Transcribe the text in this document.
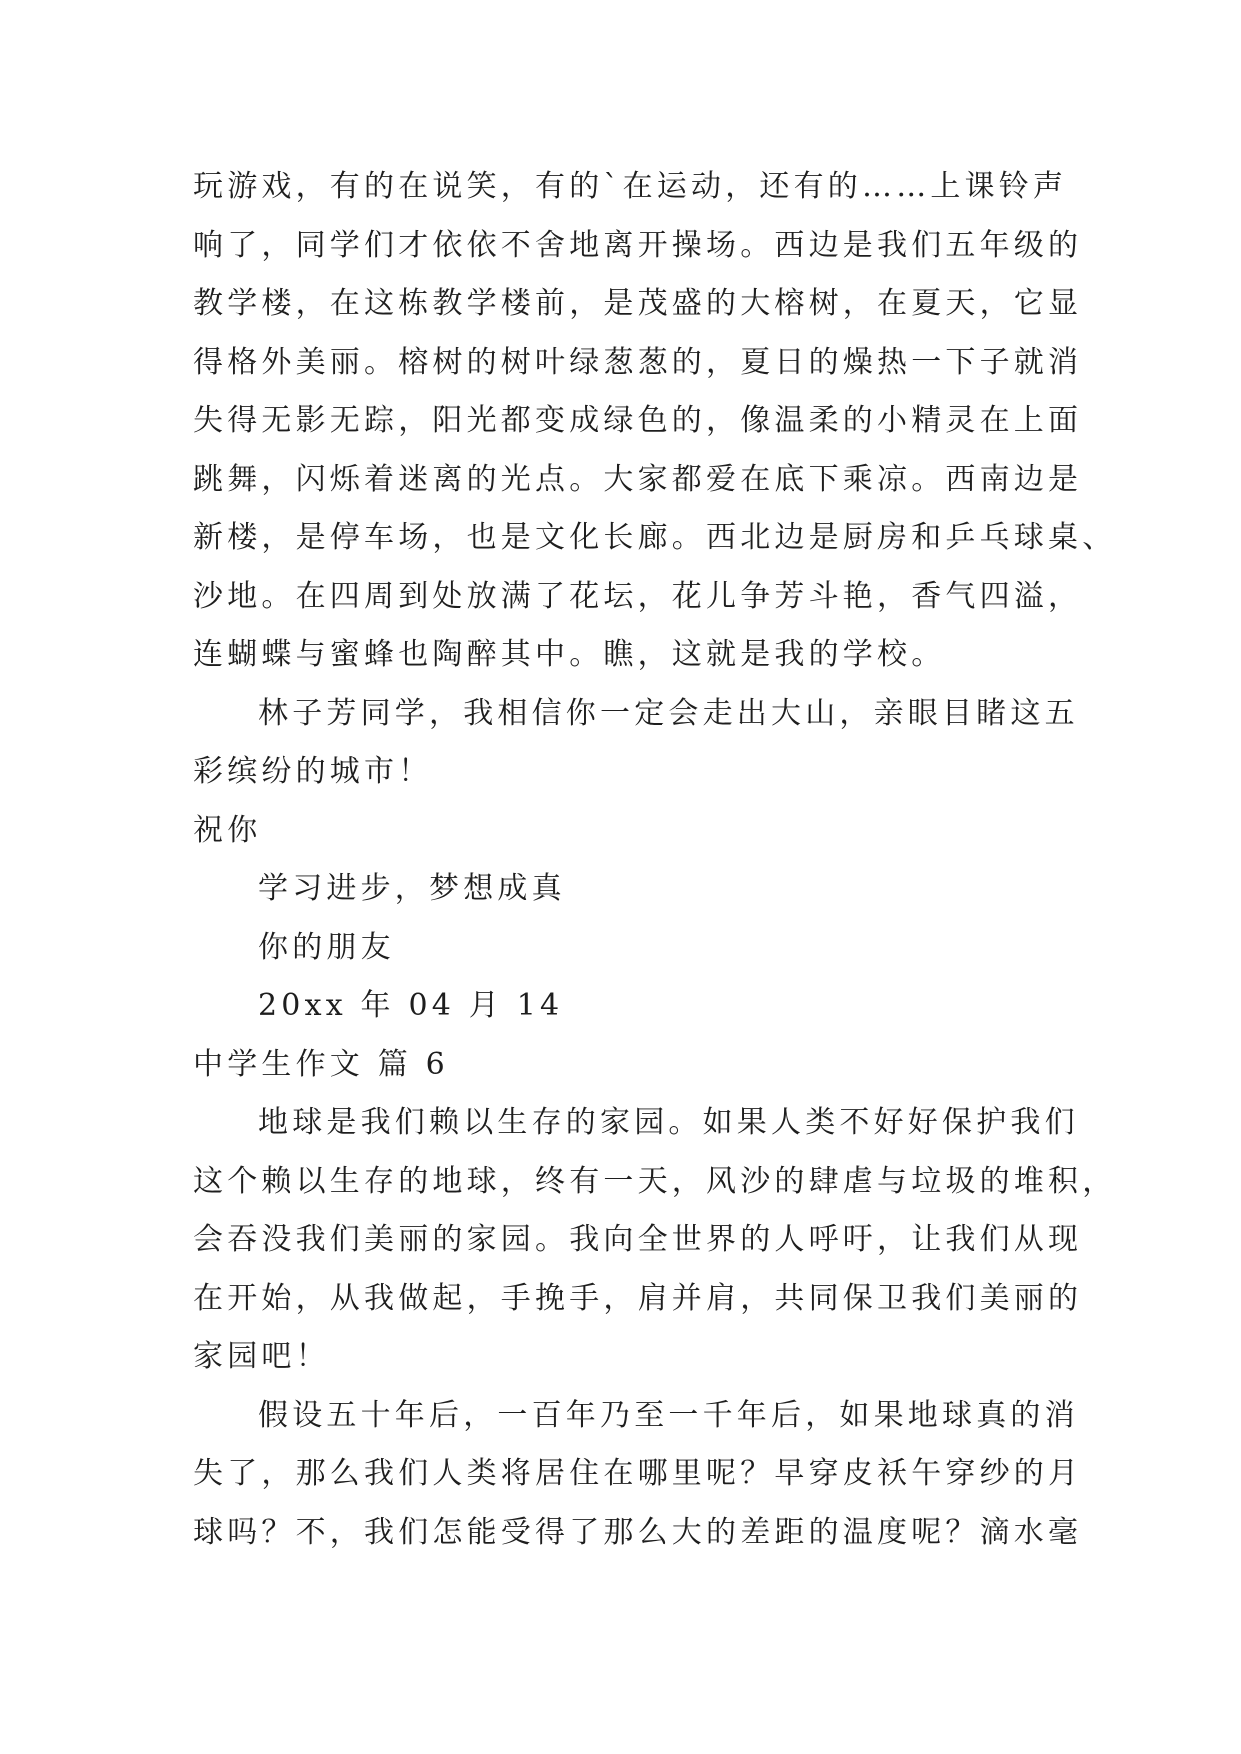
玩游戏，有的在说笑，有的`在运动，还有的……上课铃声
响了，同学们才依依不舍地离开操场。西边是我们五年级的
教学楼，在这栋教学楼前，是茂盛的大榕树，在夏天，它显
得格外美丽。榕树的树叶绿葱葱的，夏日的燥热一下子就消
失得无影无踪，阳光都变成绿色的，像温柔的小精灵在上面
跳舞，闪烁着迷离的光点。大家都爱在底下乘凉。西南边是
新楼，是停车场，也是文化长廊。西北边是厨房和乒乓球桌、
沙地。在四周到处放满了花坛，花儿争芳斗艳，香气四溢，
连蝴蝶与蜜蜂也陶醉其中。瞧，这就是我的学校。
林子芳同学，我相信你一定会走出大山，亲眼目睹这五
彩缤纷的城市！
祝你
学习进步，梦想成真
你的朋友
20xx 年 04 月 14
中学生作文 篇 6
地球是我们赖以生存的家园。如果人类不好好保护我们
这个赖以生存的地球，终有一天，风沙的肆虐与垃圾的堆积，
会吞没我们美丽的家园。我向全世界的人呼吁，让我们从现
在开始，从我做起，手挽手，肩并肩，共同保卫我们美丽的
家园吧！
假设五十年后，一百年乃至一千年后，如果地球真的消
失了，那么我们人类将居住在哪里呢？早穿皮袄午穿纱的月
球吗？不，我们怎能受得了那么大的差距的温度呢？滴水毫
